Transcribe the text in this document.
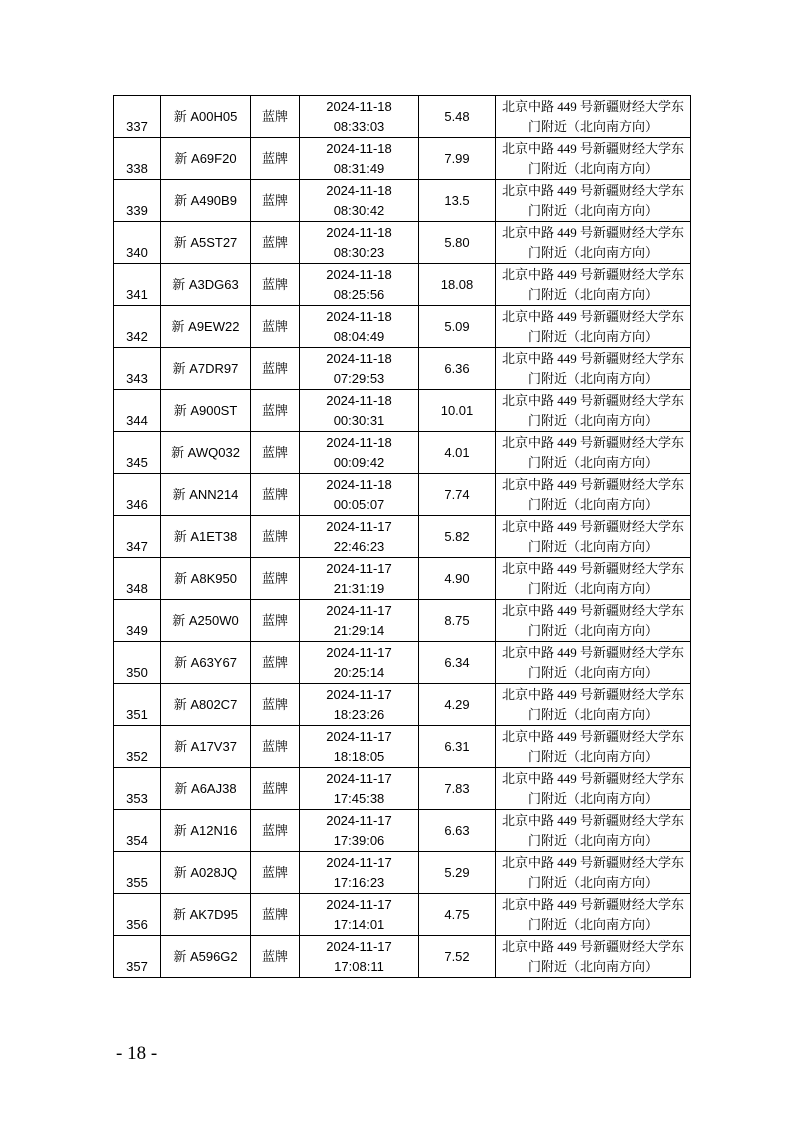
337	新 A00H05	蓝牌	2024-11-18
08:33:03	5.48	北京中路 449 号新疆财经大学东
门附近（北向南方向）

338	新 A69F20	蓝牌	2024-11-18
08:31:49	7.99	北京中路 449 号新疆财经大学东
门附近（北向南方向）

339	新 A490B9	蓝牌	2024-11-18
08:30:42	13.5	北京中路 449 号新疆财经大学东
门附近（北向南方向）

340	新 A5ST27	蓝牌	2024-11-18
08:30:23	5.80	北京中路 449 号新疆财经大学东
门附近（北向南方向）

341	新 A3DG63	蓝牌	2024-11-18
08:25:56	18.08	北京中路 449 号新疆财经大学东
门附近（北向南方向）

342	新 A9EW22	蓝牌	2024-11-18
08:04:49	5.09	北京中路 449 号新疆财经大学东
门附近（北向南方向）

343	新 A7DR97	蓝牌	2024-11-18
07:29:53	6.36	北京中路 449 号新疆财经大学东
门附近（北向南方向）

344	新 A900ST	蓝牌	2024-11-18
00:30:31	10.01	北京中路 449 号新疆财经大学东
门附近（北向南方向）

345	新 AWQ032	蓝牌	2024-11-18
00:09:42	4.01	北京中路 449 号新疆财经大学东
门附近（北向南方向）

346	新 ANN214	蓝牌	2024-11-18
00:05:07	7.74	北京中路 449 号新疆财经大学东
门附近（北向南方向）

347	新 A1ET38	蓝牌	2024-11-17
22:46:23	5.82	北京中路 449 号新疆财经大学东
门附近（北向南方向）

348	新 A8K950	蓝牌	2024-11-17
21:31:19	4.90	北京中路 449 号新疆财经大学东
门附近（北向南方向）

349	新 A250W0	蓝牌	2024-11-17
21:29:14	8.75	北京中路 449 号新疆财经大学东
门附近（北向南方向）

350	新 A63Y67	蓝牌	2024-11-17
20:25:14	6.34	北京中路 449 号新疆财经大学东
门附近（北向南方向）

351	新 A802C7	蓝牌	2024-11-17
18:23:26	4.29	北京中路 449 号新疆财经大学东
门附近（北向南方向）

352	新 A17V37	蓝牌	2024-11-17
18:18:05	6.31	北京中路 449 号新疆财经大学东
门附近（北向南方向）

353	新 A6AJ38	蓝牌	2024-11-17
17:45:38	7.83	北京中路 449 号新疆财经大学东
门附近（北向南方向）

354	新 A12N16	蓝牌	2024-11-17
17:39:06	6.63	北京中路 449 号新疆财经大学东
门附近（北向南方向）

355	新 A028JQ	蓝牌	2024-11-17
17:16:23	5.29	北京中路 449 号新疆财经大学东
门附近（北向南方向）

356	新 AK7D95	蓝牌	2024-11-17
17:14:01	4.75	北京中路 449 号新疆财经大学东
门附近（北向南方向）

357	新 A596G2	蓝牌	2024-11-17
17:08:11	7.52	北京中路 449 号新疆财经大学东
门附近（北向南方向）
- 18 -
